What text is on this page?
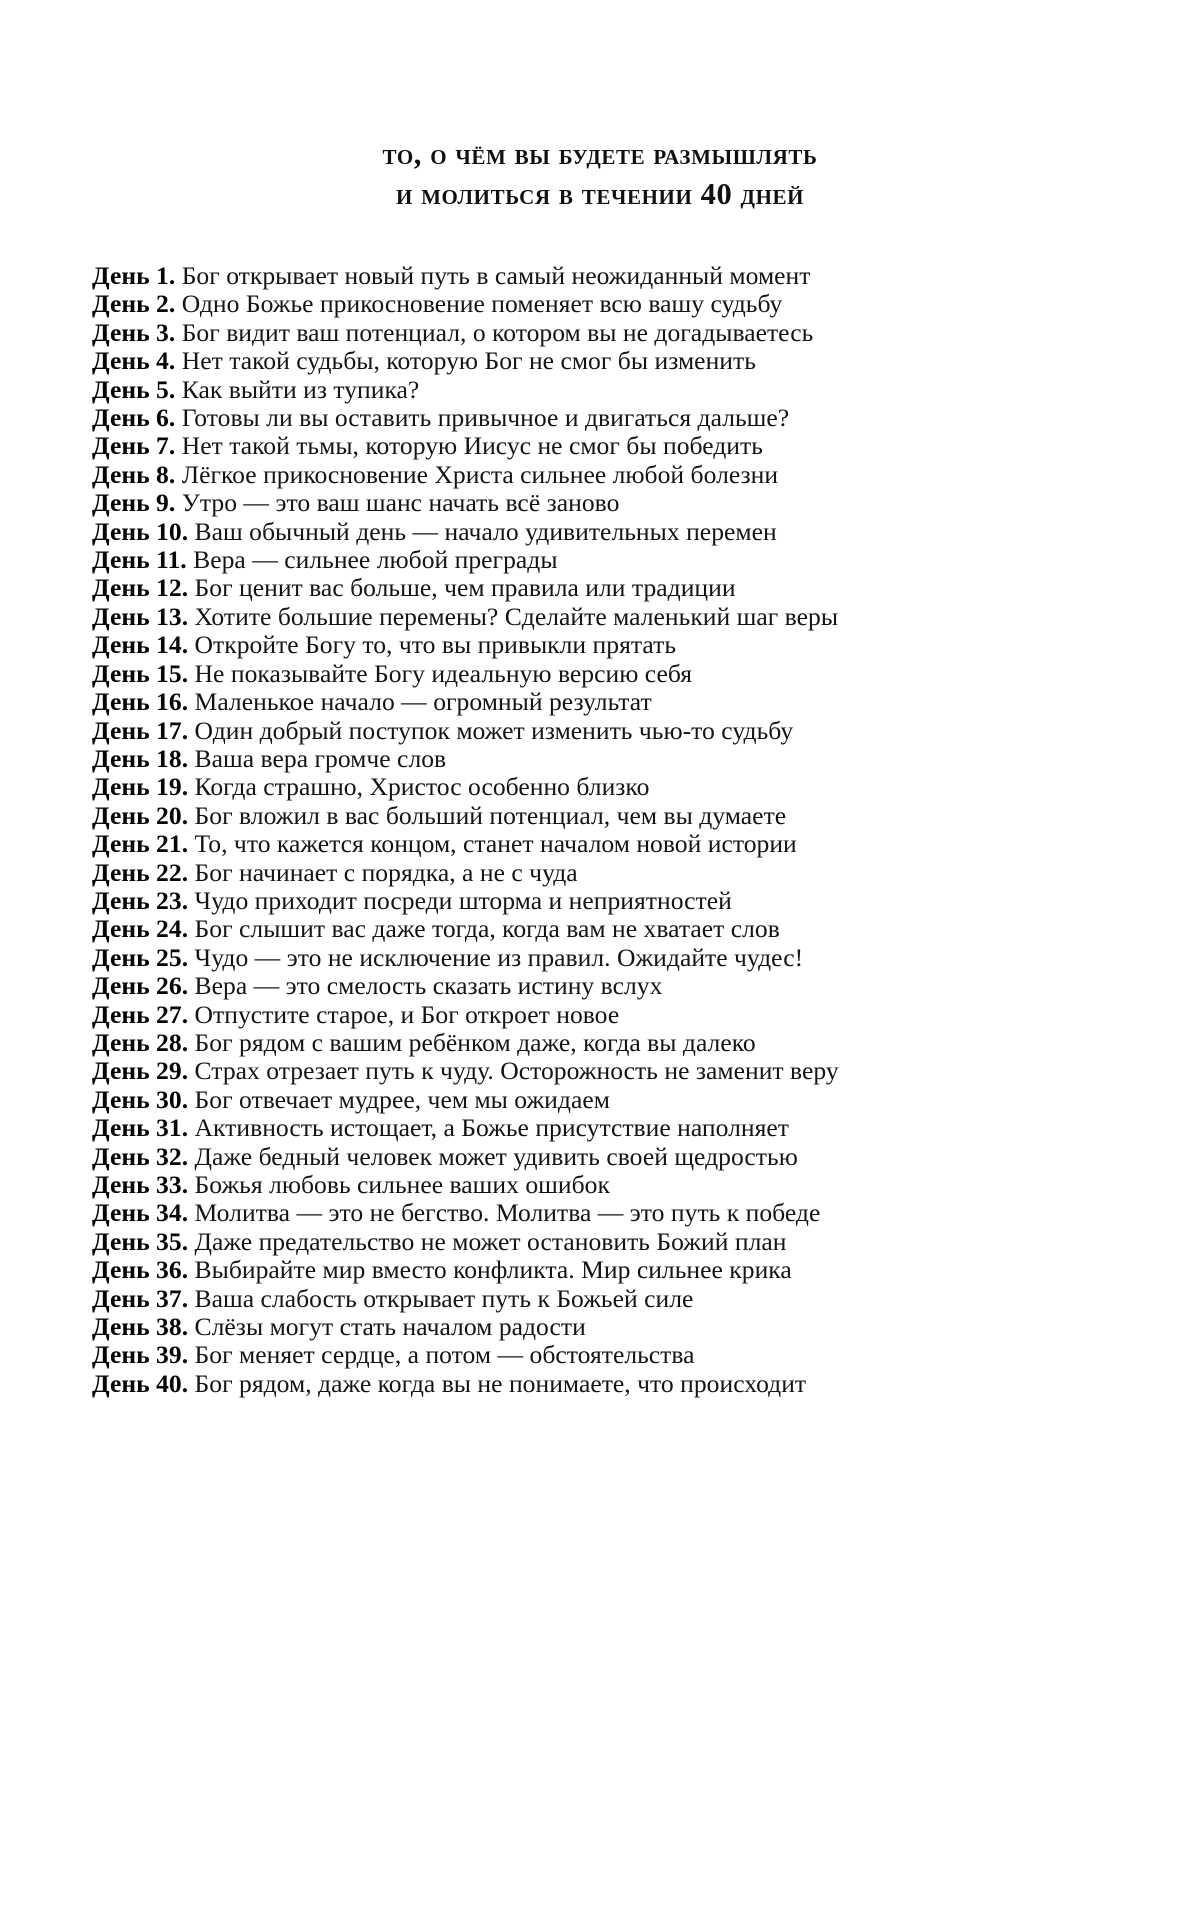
то, о чём вы будете размышлять
и молиться в течении 40 дней
День 1. Бог открывает новый путь в самый неожиданный момент
День 2. Одно Божье прикосновение поменяет всю вашу судьбу
День 3. Бог видит ваш потенциал, о котором вы не догадываетесь
День 4. Нет такой судьбы, которую Бог не смог бы изменить
День 5. Как выйти из тупика?
День 6. Готовы ли вы оставить привычное и двигаться дальше?
День 7. Нет такой тьмы, которую Иисус не смог бы победить
День 8. Лёгкое прикосновение Христа сильнее любой болезни
День 9. Утро — это ваш шанс начать всё заново
День 10. Ваш обычный день — начало удивительных перемен
День 11. Вера — сильнее любой преграды
День 12. Бог ценит вас больше, чем правила или традиции
День 13. Хотите большие перемены? Сделайте маленький шаг веры
День 14. Откройте Богу то, что вы привыкли прятать
День 15. Не показывайте Богу идеальную версию себя
День 16. Маленькое начало — огромный результат
День 17. Один добрый поступок может изменить чью-то судьбу
День 18. Ваша вера громче слов
День 19. Когда страшно, Христос особенно близко
День 20. Бог вложил в вас больший потенциал, чем вы думаете
День 21. То, что кажется концом, станет началом новой истории
День 22. Бог начинает с порядка, а не с чуда
День 23. Чудо приходит посреди шторма и неприятностей
День 24. Бог слышит вас даже тогда, когда вам не хватает слов
День 25. Чудо — это не исключение из правил. Ожидайте чудес!
День 26. Вера — это смелость сказать истину вслух
День 27. Отпустите старое, и Бог откроет новое
День 28. Бог рядом с вашим ребёнком даже, когда вы далеко
День 29. Страх отрезает путь к чуду. Осторожность не заменит веру
День 30. Бог отвечает мудрее, чем мы ожидаем
День 31. Активность истощает, а Божье присутствие наполняет
День 32. Даже бедный человек может удивить своей щедростью
День 33. Божья любовь сильнее ваших ошибок
День 34. Молитва — это не бегство. Молитва — это путь к победе
День 35. Даже предательство не может остановить Божий план
День 36. Выбирайте мир вместо конфликта. Мир сильнее крика
День 37. Ваша слабость открывает путь к Божьей силе
День 38. Слёзы могут стать началом радости
День 39. Бог меняет сердце, а потом — обстоятельства
День 40. Бог рядом, даже когда вы не понимаете, что происходит
